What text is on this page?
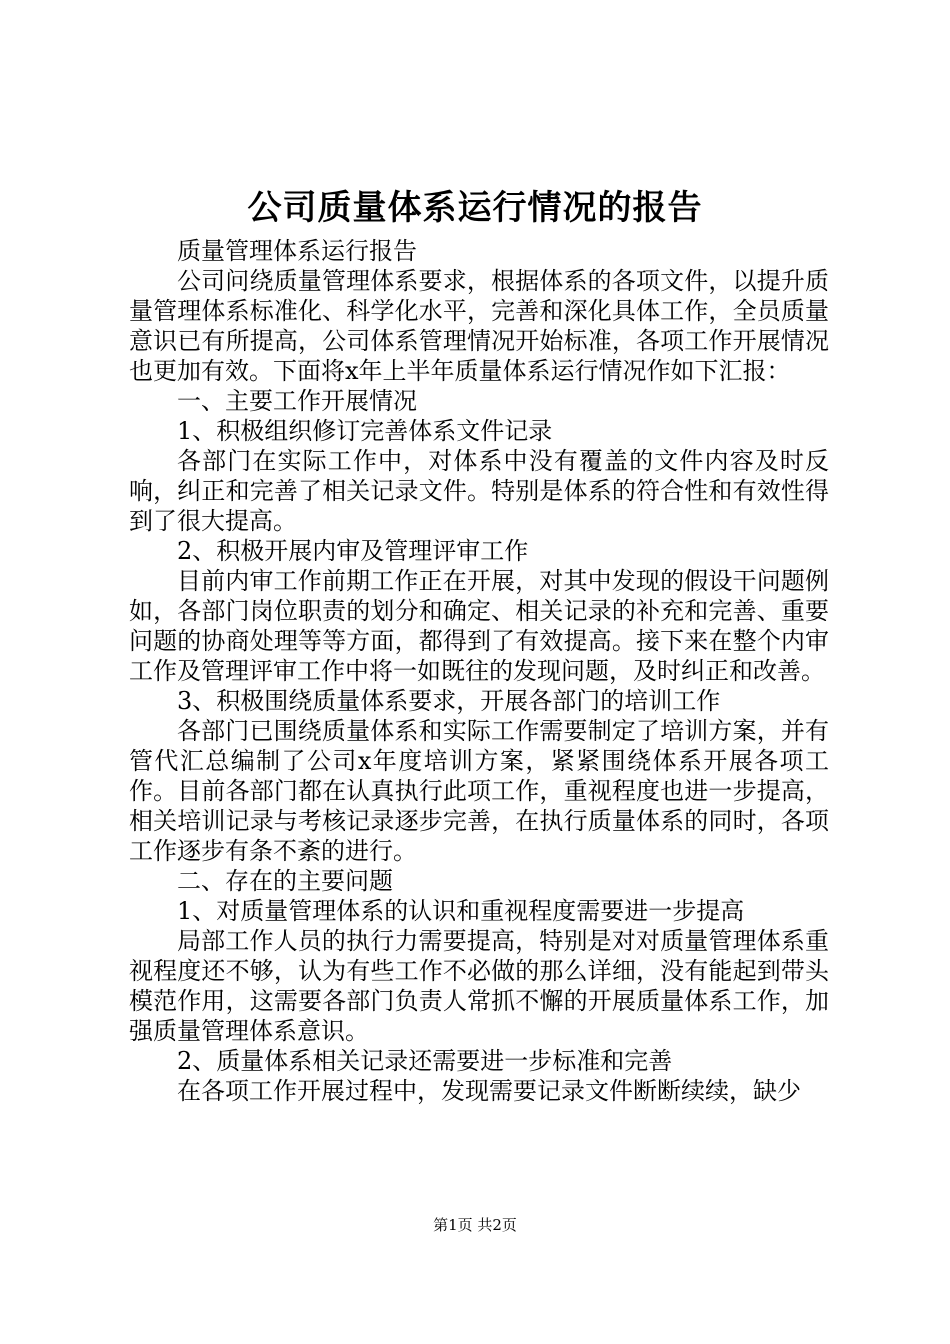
公司质量体系运行情况的报告

质量管理体系运行报告

公司问绕质量管理体系要求，根据体系的各项文件，以提升质量管理体系标准化、科学化水平，完善和深化具体工作，全员质量意识已有所提高，公司体系管理情况开始标准，各项工作开展情况也更加有效。下面将x年上半年质量体系运行情况作如下汇报：

一、主要工作开展情况

1、积极组织修订完善体系文件记录

各部门在实际工作中，对体系中没有覆盖的文件内容及时反响，纠正和完善了相关记录文件。特别是体系的符合性和有效性得到了很大提高。

2、积极开展内审及管理评审工作

目前内审工作前期工作正在开展，对其中发现的假设干问题例如，各部门岗位职责的划分和确定、相关记录的补充和完善、重要问题的协商处理等等方面，都得到了有效提高。接下来在整个内审工作及管理评审工作中将一如既往的发现问题，及时纠正和改善。

3、积极围绕质量体系要求，开展各部门的培训工作

各部门已围绕质量体系和实际工作需要制定了培训方案，并有管代汇总编制了公司x年度培训方案，紧紧围绕体系开展各项工作。目前各部门都在认真执行此项工作，重视程度也进一步提高，相关培训记录与考核记录逐步完善，在执行质量体系的同时，各项工作逐步有条不紊的进行。

二、存在的主要问题

1、对质量管理体系的认识和重视程度需要进一步提高

局部工作人员的执行力需要提高，特别是对对质量管理体系重视程度还不够，认为有些工作不必做的那么详细，没有能起到带头模范作用，这需要各部门负责人常抓不懈的开展质量体系工作，加强质量管理体系意识。

2、质量体系相关记录还需要进一步标准和完善

在各项工作开展过程中，发现需要记录文件断断续续，缺少

第1页 共2页
